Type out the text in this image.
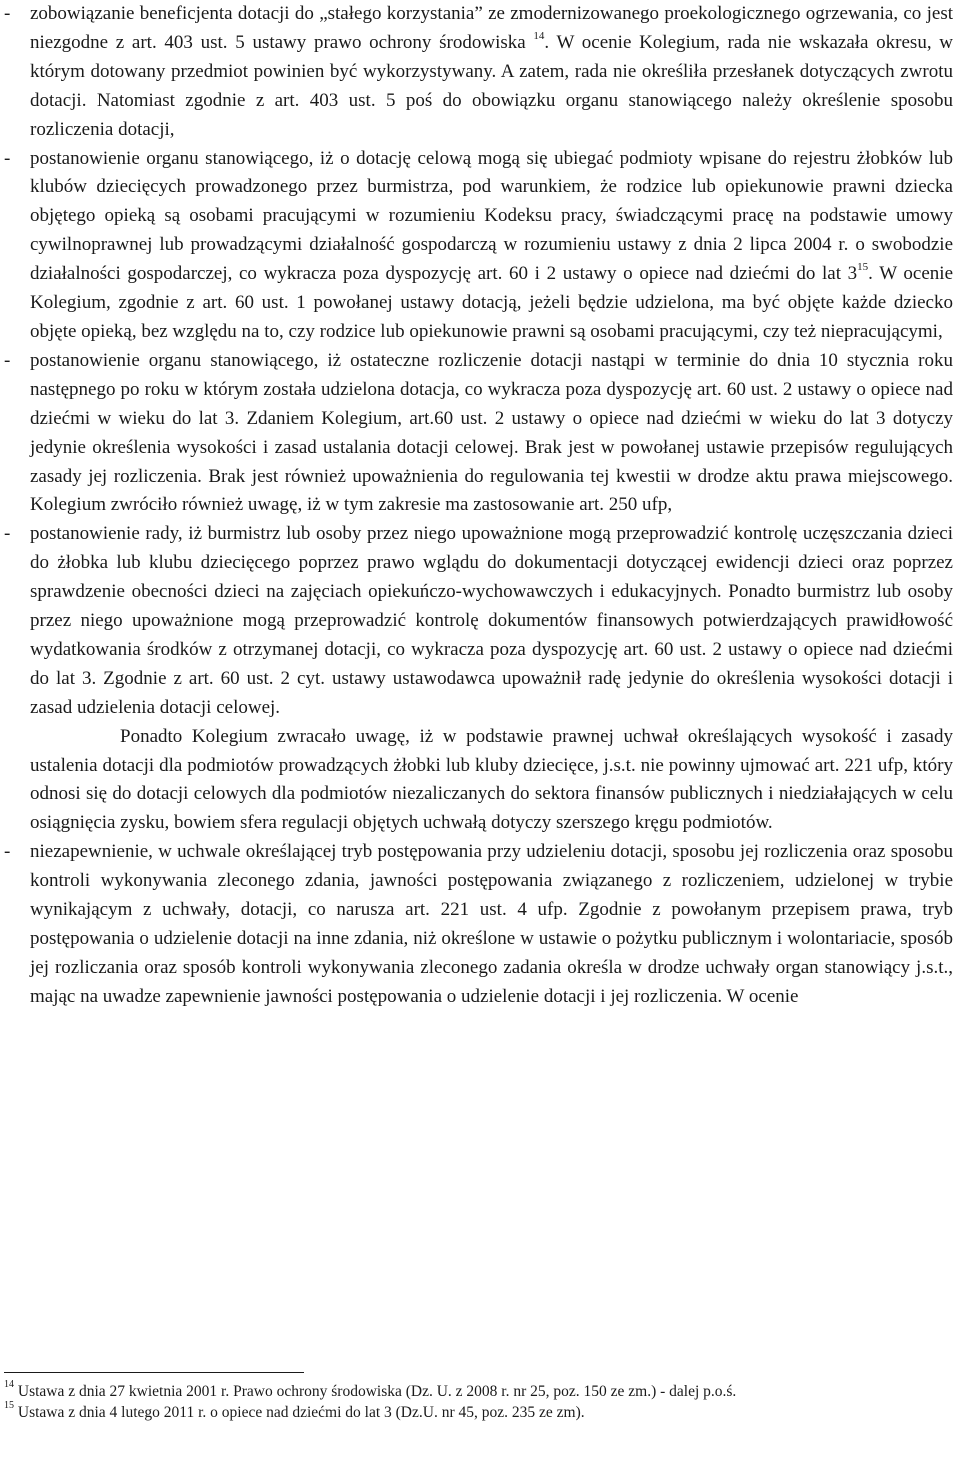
- zobowiązanie beneficjenta dotacji do „stałego korzystania” ze zmodernizowanego proekologicznego ogrzewania, co jest niezgodne z art. 403 ust. 5 ustawy prawo ochrony środowiska $^{14}$. W ocenie Kolegium, rada nie wskazała okresu, w którym dotowany przedmiot powinien być wykorzystywany. A zatem, rada nie określiła przesłanek dotyczących zwrotu dotacji. Natomiast zgodnie z art. 403 ust. 5 poś do obowiązku organu stanowiącego należy określenie sposobu rozliczenia dotacji,

- postanowienie organu stanowiącego, iż o dotację celową mogą się ubiegać podmioty wpisane do rejestru żłobków lub klubów dziecięcych prowadzonego przez burmistrza, pod warunkiem, że rodzice lub opiekunowie prawni dziecka objętego opieką są osobami pracującymi w rozumieniu Kodeksu pracy, świadczącymi pracę na podstawie umowy cywilnoprawnej lub prowadzącymi działalność gospodarczą w rozumieniu ustawy z dnia 2 lipca 2004 r. o swobodzie działalności gospodarczej, co wykracza poza dyspozycję art. 60 i 2 ustawy o opiece nad dziećmi do lat $3^{15}$. W ocenie Kolegium, zgodnie z art. 60 ust. 1 powołanej ustawy dotacją, jeżeli będzie udzielona, ma być objęte każde dziecko objęte opieką, bez względu na to, czy rodzice lub opiekunowie prawni są osobami pracującymi, czy też niepracującymi,

- postanowienie organu stanowiącego, iż ostateczne rozliczenie dotacji nastąpi w terminie do dnia 10 stycznia roku następnego po roku w którym została udzielona dotacja, co wykracza poza dyspozycję art. 60 ust. 2 ustawy o opiece nad dziećmi w wieku do lat 3. Zdaniem Kolegium, art.60 ust. 2 ustawy o opiece nad dziećmi w wieku do lat 3 dotyczy jedynie określenia wysokości i zasad ustalania dotacji celowej. Brak jest w powołanej ustawie przepisów regulujących zasady jej rozliczenia. Brak jest również upoważnienia do regulowania tej kwestii w drodze aktu prawa miejscowego. Kolegium zwróciło również uwagę, iż w tym zakresie ma zastosowanie art. 250 ufp,

- postanowienie rady, iż burmistrz lub osoby przez niego upoważnione mogą przeprowadzić kontrolę uczęszczania dzieci do żłobka lub klubu dziecięcego poprzez prawo wglądu do dokumentacji dotyczącej ewidencji dzieci oraz poprzez sprawdzenie obecności dzieci na zajęciach opiekuńczo-wychowawczych i edukacyjnych. Ponadto burmistrz lub osoby przez niego upoważnione mogą przeprowadzić kontrolę dokumentów finansowych potwierdzających prawidłowość wydatkowania środków z otrzymanej dotacji, co wykracza poza dyspozycję art. 60 ust. 2 ustawy o opiece nad dziećmi do lat 3. Zgodnie z art. 60 ust. 2 cyt. ustawy ustawodawca upoważnił radę jedynie do określenia wysokości dotacji i zasad udzielenia dotacji celowej.

Ponadto Kolegium zwracało uwagę, iż w podstawie prawnej uchwał określających wysokość i zasady ustalenia dotacji dla podmiotów prowadzących żłobki lub kluby dziecięce, j.s.t. nie powinny ujmować art. 221 ufp, który odnosi się do dotacji celowych dla podmiotów niezaliczanych do sektora finansów publicznych i niedziałających w celu osiągnięcia zysku, bowiem sfera regulacji objętych uchwałą dotyczy szerszego kręgu podmiotów.

- niezapewnienie, w uchwale określającej tryb postępowania przy udzieleniu dotacji, sposobu jej rozliczenia oraz sposobu kontroli wykonywania zleconego zdania, jawności postępowania związanego z rozliczeniem, udzielonej w trybie wynikającym z uchwały, dotacji, co narusza art. 221 ust. 4 ufp. Zgodnie z powołanym przepisem prawa, tryb postępowania o udzielenie dotacji na inne zdania, niż określone w ustawie o pożytku publicznym i wolontariacie, sposób jej rozliczania oraz sposób kontroli wykonywania zleconego zadania określa w drodze uchwały organ stanowiący j.s.t., mając na uwadze zapewnienie jawności postępowania o udzielenie dotacji i jej rozliczenia. W ocenie

$^{14}$ Ustawa z dnia 27 kwietnia 2001 r. Prawo ochrony środowiska (Dz. U. z 2008 r. nr 25, poz. 150 ze zm.) - dalej p.o.ś.

$^{15}$ Ustawa z dnia 4 lutego 2011 r. o opiece nad dziećmi do lat 3 (Dz.U. nr 45, poz. 235 ze zm).
